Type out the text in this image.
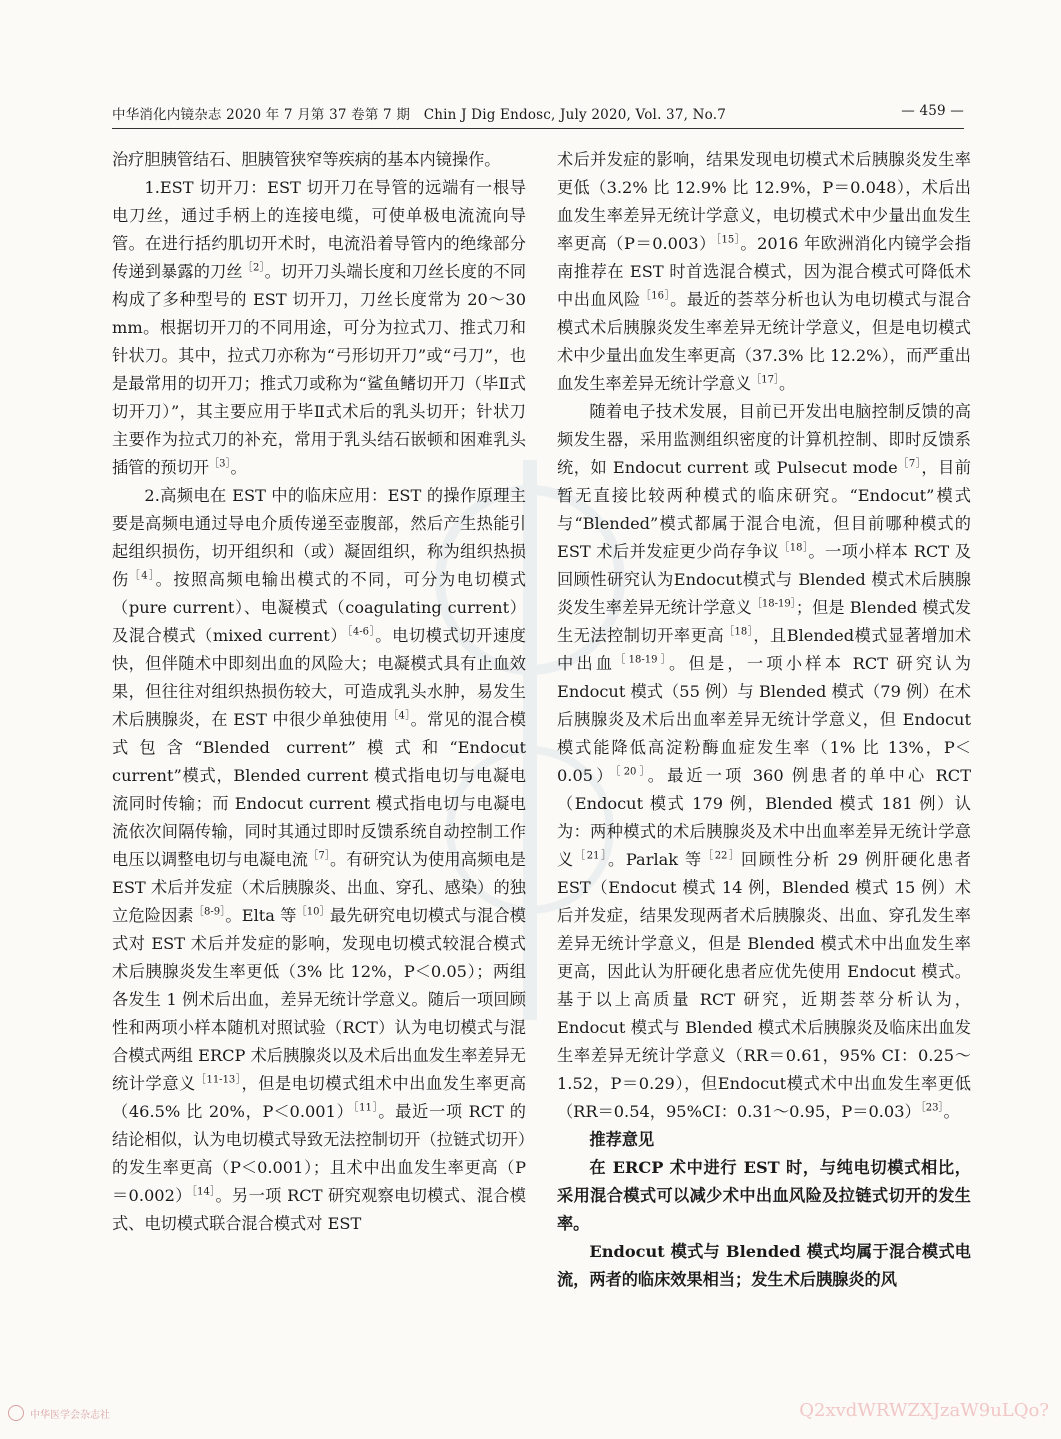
中华消化内镜杂志 2020 年 7 月第 37 卷第 7 期　Chin J Dig Endosc, July 2020, Vol. 37, No.7	— 459 —

治疗胆胰管结石、胆胰管狭窄等疾病的基本内镜操作。

1.EST 切开刀：EST 切开刀在导管的远端有一根导电刀丝，通过手柄上的连接电缆，可使单极电流流向导管。在进行括约肌切开术时，电流沿着导管内的绝缘部分传递到暴露的刀丝$^{[2]}$。切开刀头端长度和刀丝长度的不同构成了多种型号的 EST 切开刀，刀丝长度常为 20～30 mm。根据切开刀的不同用途，可分为拉式刀、推式刀和针状刀。其中，拉式刀亦称为“弓形切开刀”或“弓刀”，也是最常用的切开刀；推式刀或称为“鲨鱼鳍切开刀（毕Ⅱ式切开刀）”，其主要应用于毕Ⅱ式术后的乳头切开；针状刀主要作为拉式刀的补充，常用于乳头结石嵌顿和困难乳头插管的预切开$^{[3]}$。

2.高频电在 EST 中的临床应用：EST 的操作原理主要是高频电通过导电介质传递至壶腹部，然后产生热能引起组织损伤，切开组织和（或）凝固组织，称为组织热损伤$^{[4]}$。按照高频电输出模式的不同，可分为电切模式（pure current）、电凝模式（coagulating current）及混合模式（mixed current）$^{[4-6]}$。电切模式切开速度快，但伴随术中即刻出血的风险大；电凝模式具有止血效果，但往往对组织热损伤较大，可造成乳头水肿，易发生术后胰腺炎，在 EST 中很少单独使用$^{[4]}$。常见的混合模式包含“Blended current”模式和“Endocut current”模式，Blended current 模式指电切与电凝电流同时传输；而 Endocut current 模式指电切与电凝电流依次间隔传输，同时其通过即时反馈系统自动控制工作电压以调整电切与电凝电流$^{[7]}$。有研究认为使用高频电是 EST 术后并发症（术后胰腺炎、出血、穿孔、感染）的独立危险因素$^{[8-9]}$。Elta 等$^{[10]}$最先研究电切模式与混合模式对 EST 术后并发症的影响，发现电切模式较混合模式术后胰腺炎发生率更低（3% 比 12%，P＜0.05）；两组各发生 1 例术后出血，差异无统计学意义。随后一项回顾性和两项小样本随机对照试验（RCT）认为电切模式与混合模式两组 ERCP 术后胰腺炎以及术后出血发生率差异无统计学意义$^{[11-13]}$，但是电切模式组术中出血发生率更高（46.5% 比 20%，P＜0.001）$^{[11]}$。最近一项 RCT 的结论相似，认为电切模式导致无法控制切开（拉链式切开）的发生率更高（P＜0.001）；且术中出血发生率更高（P＝0.002）$^{[14]}$。另一项 RCT 研究观察电切模式、混合模式、电切模式联合混合模式对 EST

术后并发症的影响，结果发现电切模式术后胰腺炎发生率更低（3.2% 比 12.9% 比 12.9%，P＝0.048），术后出血发生率差异无统计学意义，电切模式术中少量出血发生率更高（P＝0.003）$^{[15]}$。2016 年欧洲消化内镜学会指南推荐在 EST 时首选混合模式，因为混合模式可降低术中出血风险$^{[16]}$。最近的荟萃分析也认为电切模式与混合模式术后胰腺炎发生率差异无统计学意义，但是电切模式术中少量出血发生率更高（37.3% 比 12.2%），而严重出血发生率差异无统计学意义$^{[17]}$。

随着电子技术发展，目前已开发出电脑控制反馈的高频发生器，采用监测组织密度的计算机控制、即时反馈系统，如 Endocut current 或 Pulsecut mode$^{[7]}$，目前暂无直接比较两种模式的临床研究。“Endocut”模式与“Blended”模式都属于混合电流，但目前哪种模式的 EST 术后并发症更少尚存争议$^{[18]}$。一项小样本 RCT 及回顾性研究认为Endocut模式与 Blended 模式术后胰腺炎发生率差异无统计学意义$^{[18-19]}$；但是 Blended 模式发生无法控制切开率更高$^{[18]}$，且Blended模式显著增加术中出血$^{[18-19]}$。但是，一项小样本 RCT 研究认为 Endocut 模式（55 例）与 Blended 模式（79 例）在术后胰腺炎及术后出血率差异无统计学意义，但 Endocut 模式能降低高淀粉酶血症发生率（1% 比 13%，P＜0.05）$^{[20]}$。最近一项 360 例患者的单中心 RCT（Endocut 模式 179 例，Blended 模式 181 例）认为：两种模式的术后胰腺炎及术中出血率差异无统计学意义$^{[21]}$。Parlak 等$^{[22]}$回顾性分析 29 例肝硬化患者 EST（Endocut 模式 14 例，Blended 模式 15 例）术后并发症，结果发现两者术后胰腺炎、出血、穿孔发生率差异无统计学意义，但是 Blended 模式术中出血发生率更高，因此认为肝硬化患者应优先使用 Endocut 模式。基于以上高质量 RCT 研究，近期荟萃分析认为，Endocut 模式与 Blended 模式术后胰腺炎及临床出血发生率差异无统计学意义（RR＝0.61，95% CI：0.25～1.52，P＝0.29），但Endocut模式术中出血发生率更低（RR＝0.54，95%CI：0.31～0.95，P＝0.03）$^{[23]}$。

推荐意见

在 ERCP 术中进行 EST 时，与纯电切模式相比，采用混合模式可以减少术中出血风险及拉链式切开的发生率。

Endocut 模式与 Blended 模式均属于混合模式电流，两者的临床效果相当；发生术后胰腺炎的风

中华医学会杂志社	Q2xvdWRWZXJzaW9uLQo?
